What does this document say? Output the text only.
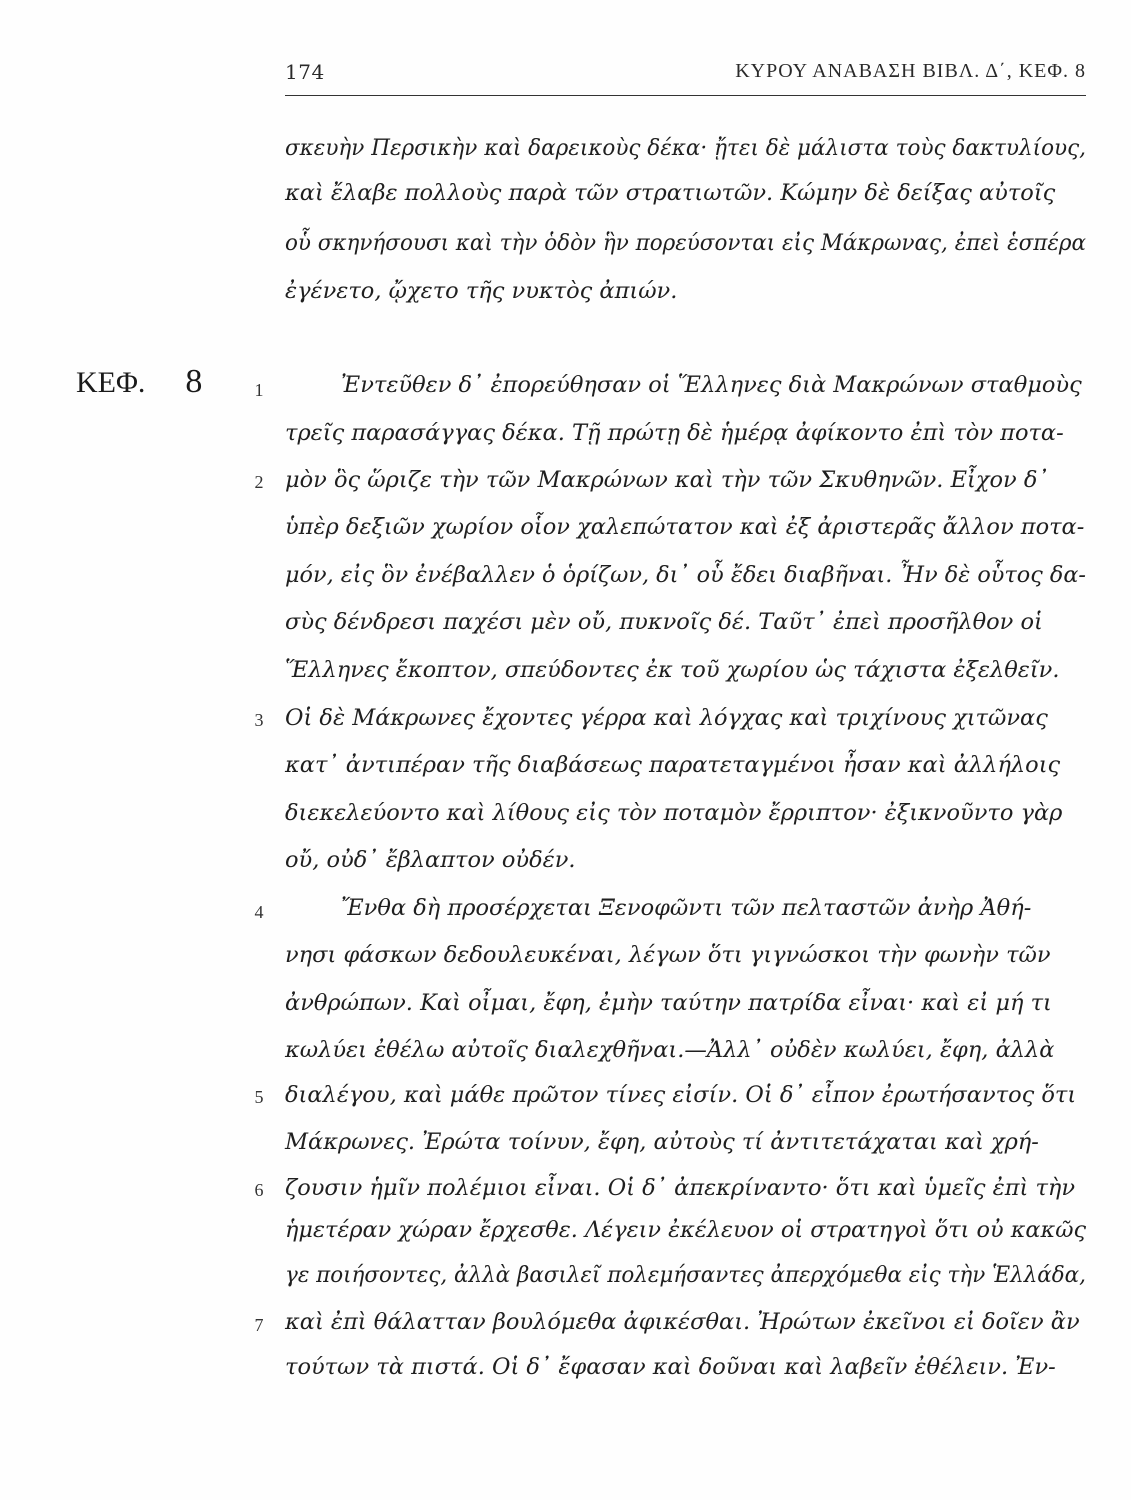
174	ΚΥΡΟΥ ΑΝΑΒΑΣΗ ΒΙΒΛ. Δ΄, ΚΕΦ. 8
ΚΕΦ. 8	1
2
3
4
5
6
7
σκευὴν Περσικὴν καὶ δαρεικοὺς δέκα· ᾔτει δὲ μάλιστα τοὺς δακτυλίους,
καὶ ἔλαβε πολλοὺς παρὰ τῶν στρατιωτῶν. Κώμην δὲ δείξας αὐτοῖς
οὗ σκηνήσουσι καὶ τὴν ὁδὸν ἣν πορεύσονται εἰς Μάκρωνας, ἐπεὶ ἑσπέρα
ἐγένετο, ᾤχετο τῆς νυκτὸς ἀπιών.
Ἐντεῦθεν δ᾽ ἐπορεύθησαν οἱ Ἕλληνες διὰ Μακρώνων σταθμοὺς
τρεῖς παρασάγγας δέκα. Τῇ πρώτῃ δὲ ἡμέρᾳ ἀφίκοντο ἐπὶ τὸν ποτα-
μὸν ὃς ὥριζε τὴν τῶν Μακρώνων καὶ τὴν τῶν Σκυθηνῶν. Εἶχον δ᾽
ὑπὲρ δεξιῶν χωρίον οἷον χαλεπώτατον καὶ ἐξ ἀριστερᾶς ἄλλον ποτα-
μόν, εἰς ὃν ἐνέβαλλεν ὁ ὁρίζων, δι᾽ οὗ ἔδει διαβῆναι. Ἦν δὲ οὗτος δα-
σὺς δένδρεσι παχέσι μὲν οὔ, πυκνοῖς δέ. Ταῦτ᾽ ἐπεὶ προσῆλθον οἱ
Ἕλληνες ἔκοπτον, σπεύδοντες ἐκ τοῦ χωρίου ὡς τάχιστα ἐξελθεῖν.
Οἱ δὲ Μάκρωνες ἔχοντες γέρρα καὶ λόγχας καὶ τριχίνους χιτῶνας
κατ᾽ ἀντιπέραν τῆς διαβάσεως παρατεταγμένοι ἦσαν καὶ ἀλλήλοις
διεκελεύοντο καὶ λίθους εἰς τὸν ποταμὸν ἔρριπτον· ἐξικνοῦντο γὰρ
οὔ, οὐδ᾽ ἔβλαπτον οὐδέν.
Ἔνθα δὴ προσέρχεται Ξενοφῶντι τῶν πελταστῶν ἀνὴρ Ἀθή-
νησι φάσκων δεδουλευκέναι, λέγων ὅτι γιγνώσκοι τὴν φωνὴν τῶν
ἀνθρώπων. Καὶ οἶμαι, ἔφη, ἐμὴν ταύτην πατρίδα εἶναι· καὶ εἰ μή τι
κωλύει ἐθέλω αὐτοῖς διαλεχθῆναι.—Ἀλλ᾽ οὐδὲν κωλύει, ἔφη, ἀλλὰ
διαλέγου, καὶ μάθε πρῶτον τίνες εἰσίν. Οἱ δ᾽ εἶπον ἐρωτήσαντος ὅτι
Μάκρωνες. Ἐρώτα τοίνυν, ἔφη, αὐτοὺς τί ἀντιτετάχαται καὶ χρή-
ζουσιν ἡμῖν πολέμιοι εἶναι. Οἱ δ᾽ ἀπεκρίναντο· ὅτι καὶ ὑμεῖς ἐπὶ τὴν
ἡμετέραν χώραν ἔρχεσθε. Λέγειν ἐκέλευον οἱ στρατηγοὶ ὅτι οὐ κακῶς
γε ποιήσοντες, ἀλλὰ βασιλεῖ πολεμήσαντες ἀπερχόμεθα εἰς τὴν Ἑλλάδα,
καὶ ἐπὶ θάλατταν βουλόμεθα ἀφικέσθαι. Ἠρώτων ἐκεῖνοι εἰ δοῖεν ἂν
τούτων τὰ πιστά. Οἱ δ᾽ ἔφασαν καὶ δοῦναι καὶ λαβεῖν ἐθέλειν. Ἐν-
